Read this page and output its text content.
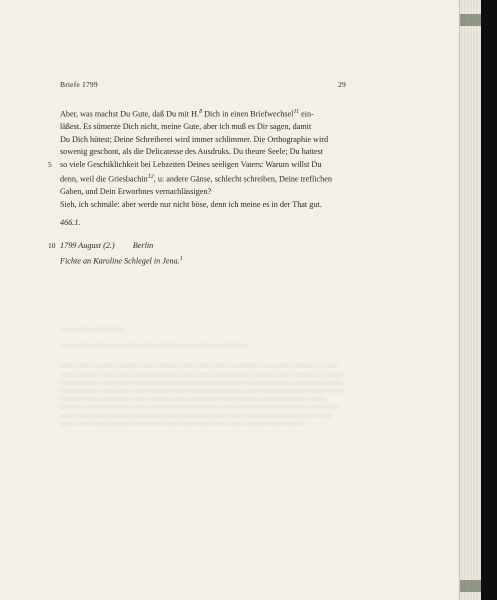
Briefe 1799	29
Aber, was machst Du Gute, daß Du mit H.$^8$ Dich in einen Briefwechsel$^{11}$ ein-
läßest. Es sümerze Dich nicht, meine Gute, aber ich muß es Dir sagen, damit
Du Dich hütest; Deine Schreiberei wird immer schlimmer. Die Orthographie wird
sowenig geschont, als die Delicatesse des Ausdruks. Du theure Seele; Du hattest
5 so viele Geschiklichkeit bei Lebzeiten Deines seeligen Vaters: Warum willst Du
denn, weil die Griesbachin$^{12}$, u: andere Gänse, schlecht schreiben, Deine treflichen
Gaben, und Dein Erworbnes vernachlässigen?
Sieh, ich schmäle: aber werde nur nicht böse, denn ich meine es in der That gut.
466.1.
10 1799 August (2.) Berlin
Fichte an Karoline Schlegel in Jena.$^1$

— —— —— ——————

—— ——— ———— —— —— ——— ————— —— ——— ——————

——— ——— ———— ———— —— ———— ——— ——— ——— ————— —— ——— ———— —— —— ——— ———— —— ———— ————— ——— —— ——— ———— ——— ——— ——— ———— —— ——— ———— ——— —— ——— ———— ————— ——— ——— ———— —— ——— ——— —— ——— ———— ——— ———— ——— —— ——— ———— ——— ——— ———— —— ——— ——— ——— —— ——— ——— ———— ——— —— ——— ——— ———— ——— ——— —— ——— ———— ——— ——— —— ——— ———— —— ——— ——— ——— —— ——— ——— ———— —— ——— ——— ——— ———— ——— —— ——— ——— ———— ——— ——— —— ——— ———— ——— ——— —— ——— ———— ——— ——— ——— —— ——— ———— —— ——— ——— ——— ——— —— ——— ———— ——— ———
